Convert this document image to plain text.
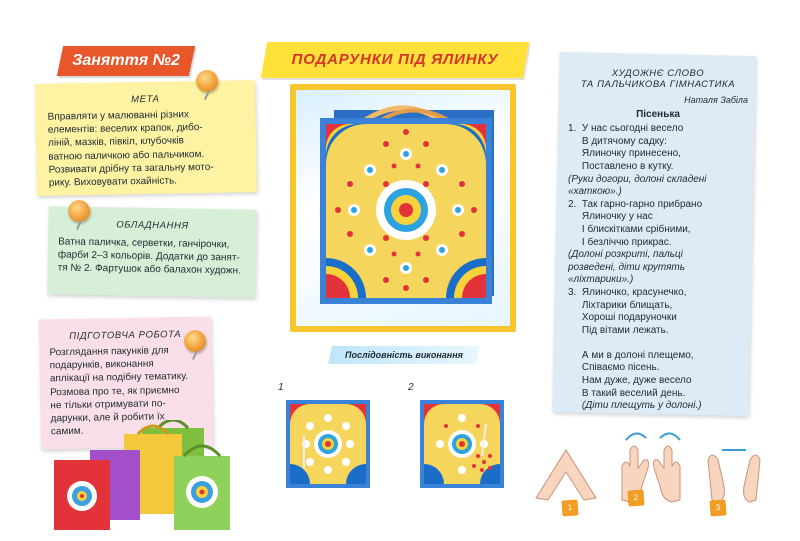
Заняття №2
МЕТА
Вправляти у малюванні різних
елементів: веселих крапок, дибо-
ліній, мазків, півкіл, клубочків
ватною паличкою або пальчиком.
Розвивати дрібну та загальну мото-
рику. Виховувати охайність.
ОБЛАДНАННЯ
Ватна паличка, серветки, ганчірочки,
фарби 2–3 кольорів. Додатки до занят-
тя № 2. Фартушок або балахон художн.
ПІДГОТОВЧА РОБОТА
Розглядання пакунків для
подарунків, виконання
аплікації на подібну тематику.
Розмова про те, як приємно
не тільки отримувати по-
дарунки, але й робити їх
самим.
ПОДАРУНКИ ПІД ЯЛИНКУ
Послідовність виконання
1	2
ХУДОЖНЄ СЛОВО
ТА ПАЛЬЧИКОВА ГІМНАСТИКА
Наталя Забіла
Пісенька
1.  У нас сьогодні весело
В дитячому садку:
Ялиночку принесено,
Поставлено в кутку.
(Руки догори, долоні складені
«хаткою».)
2.  Так гарно-гарно прибрано
Ялиночку у нас
І блискітками срібними,
І безліччю прикрас.
(Долоні розкриті, пальці
розведені, діти крутять
«ліхтарики».)
3.  Ялиночко, красунечко,
Ліхтарики блищать,
Хороші подаруночки
Під вітами лежать.

А ми в долоні плещемо,
Співаємо пісень.
Нам дуже, дуже весело
В такий веселий день.
(Діти плещуть у долоні.)
1
2
3
